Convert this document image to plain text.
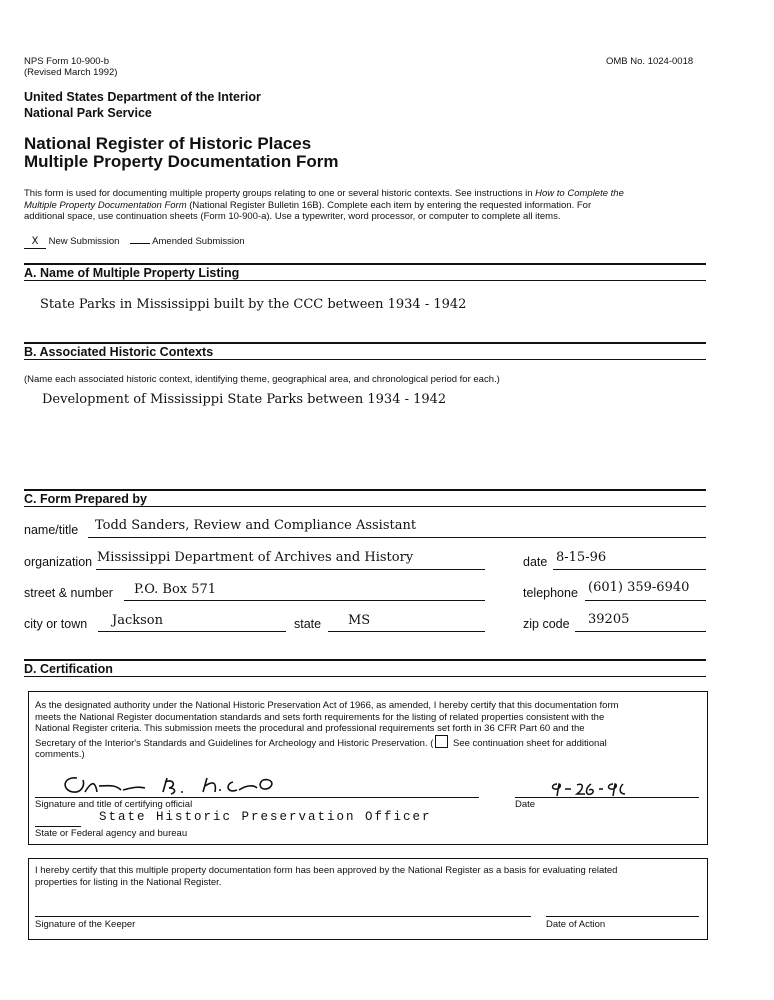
NPS Form 10-900-b
(Revised March 1992)
OMB No. 1024-0018
United States Department of the Interior
National Park Service
National Register of Historic Places
Multiple Property Documentation Form
This form is used for documenting multiple property groups relating to one or several historic contexts. See instructions in How to Complete the
Multiple Property Documentation Form (National Register Bulletin 16B). Complete each item by entering the requested information. For
additional space, use continuation sheets (Form 10-900-a). Use a typewriter, word processor, or computer to complete all items.
X New Submission	Amended Submission
A. Name of Multiple Property Listing
State Parks in Mississippi built by the CCC between 1934 - 1942
B. Associated Historic Contexts
(Name each associated historic context, identifying theme, geographical area, and chronological period for each.)
Development of Mississippi State Parks between 1934 - 1942
C. Form Prepared by
name/title Todd Sanders, Review and Compliance Assistant
organization Mississippi Department of Archives and History	date 8-15-96
street & number P.O. Box 571	telephone (601) 359-6940
city or town Jackson	state MS	zip code 39205
D. Certification
As the designated authority under the National Historic Preservation Act of 1966, as amended, I hereby certify that this documentation form
meets the National Register documentation standards and sets forth requirements for the listing of related properties consistent with the
National Register criteria. This submission meets the procedural and professional requirements set forth in 36 CFR Part 60 and the
Secretary of the Interior's Standards and Guidelines for Archeology and Historic Preservation. ( See continuation sheet for additional
comments.)
Signature and title of certifying official	Date
State Historic Preservation Officer
State or Federal agency and bureau
I hereby certify that this multiple property documentation form has been approved by the National Register as a basis for evaluating related
properties for listing in the National Register.
Signature of the Keeper	Date of Action
